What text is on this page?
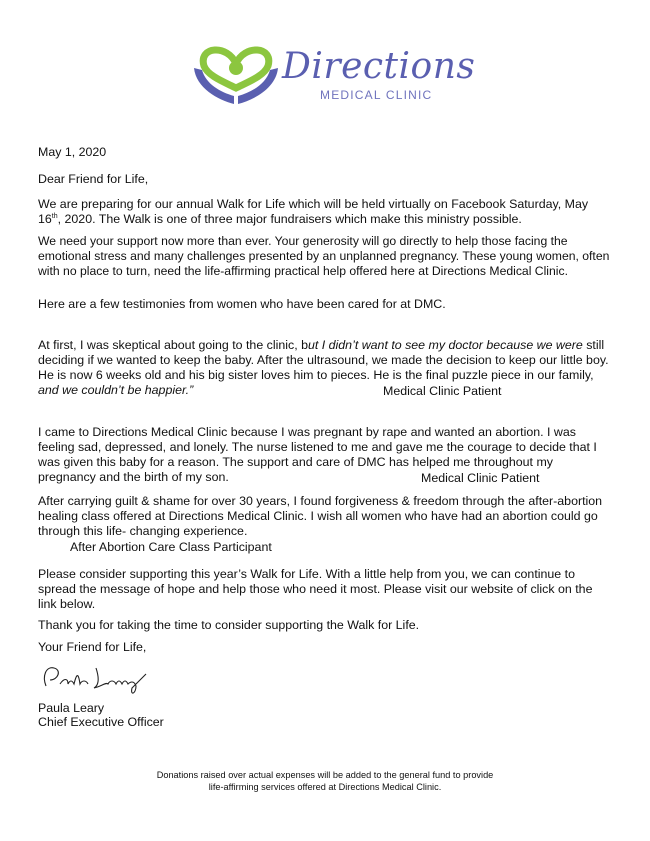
Directions
MEDICAL CLINIC

May 1, 2020

Dear Friend for Life,

We are preparing for our annual Walk for Life which will be held virtually on Facebook Saturday, May 16th, 2020. The Walk is one of three major fundraisers which make this ministry possible.

We need your support now more than ever. Your generosity will go directly to help those facing the emotional stress and many challenges presented by an unplanned pregnancy. These young women, often with no place to turn, need the life-affirming practical help offered here at Directions Medical Clinic.

Here are a few testimonies from women who have been cared for at DMC.

At first, I was skeptical about going to the clinic, but I didn’t want to see my doctor because we were still deciding if we wanted to keep the baby. After the ultrasound, we made the decision to keep our little boy. He is now 6 weeks old and his big sister loves him to pieces. He is the final puzzle piece in our family, and we couldn’t be happier.”	Medical Clinic Patient

I came to Directions Medical Clinic because I was pregnant by rape and wanted an abortion. I was feeling sad, depressed, and lonely. The nurse listened to me and gave me the courage to decide that I was given this baby for a reason. The support and care of DMC has helped me throughout my pregnancy and the birth of my son.	Medical Clinic Patient

After carrying guilt & shame for over 30 years, I found forgiveness & freedom through the after-abortion healing class offered at Directions Medical Clinic. I wish all women who have had an abortion could go through this life- changing experience.

After Abortion Care Class Participant

Please consider supporting this year’s Walk for Life. With a little help from you, we can continue to spread the message of hope and help those who need it most. Please visit our website of click on the link below.

Thank you for taking the time to consider supporting the Walk for Life.

Your Friend for Life,

Paula Leary

Chief Executive Officer

Donations raised over actual expenses will be added to the general fund to provide
life-affirming services offered at Directions Medical Clinic.
